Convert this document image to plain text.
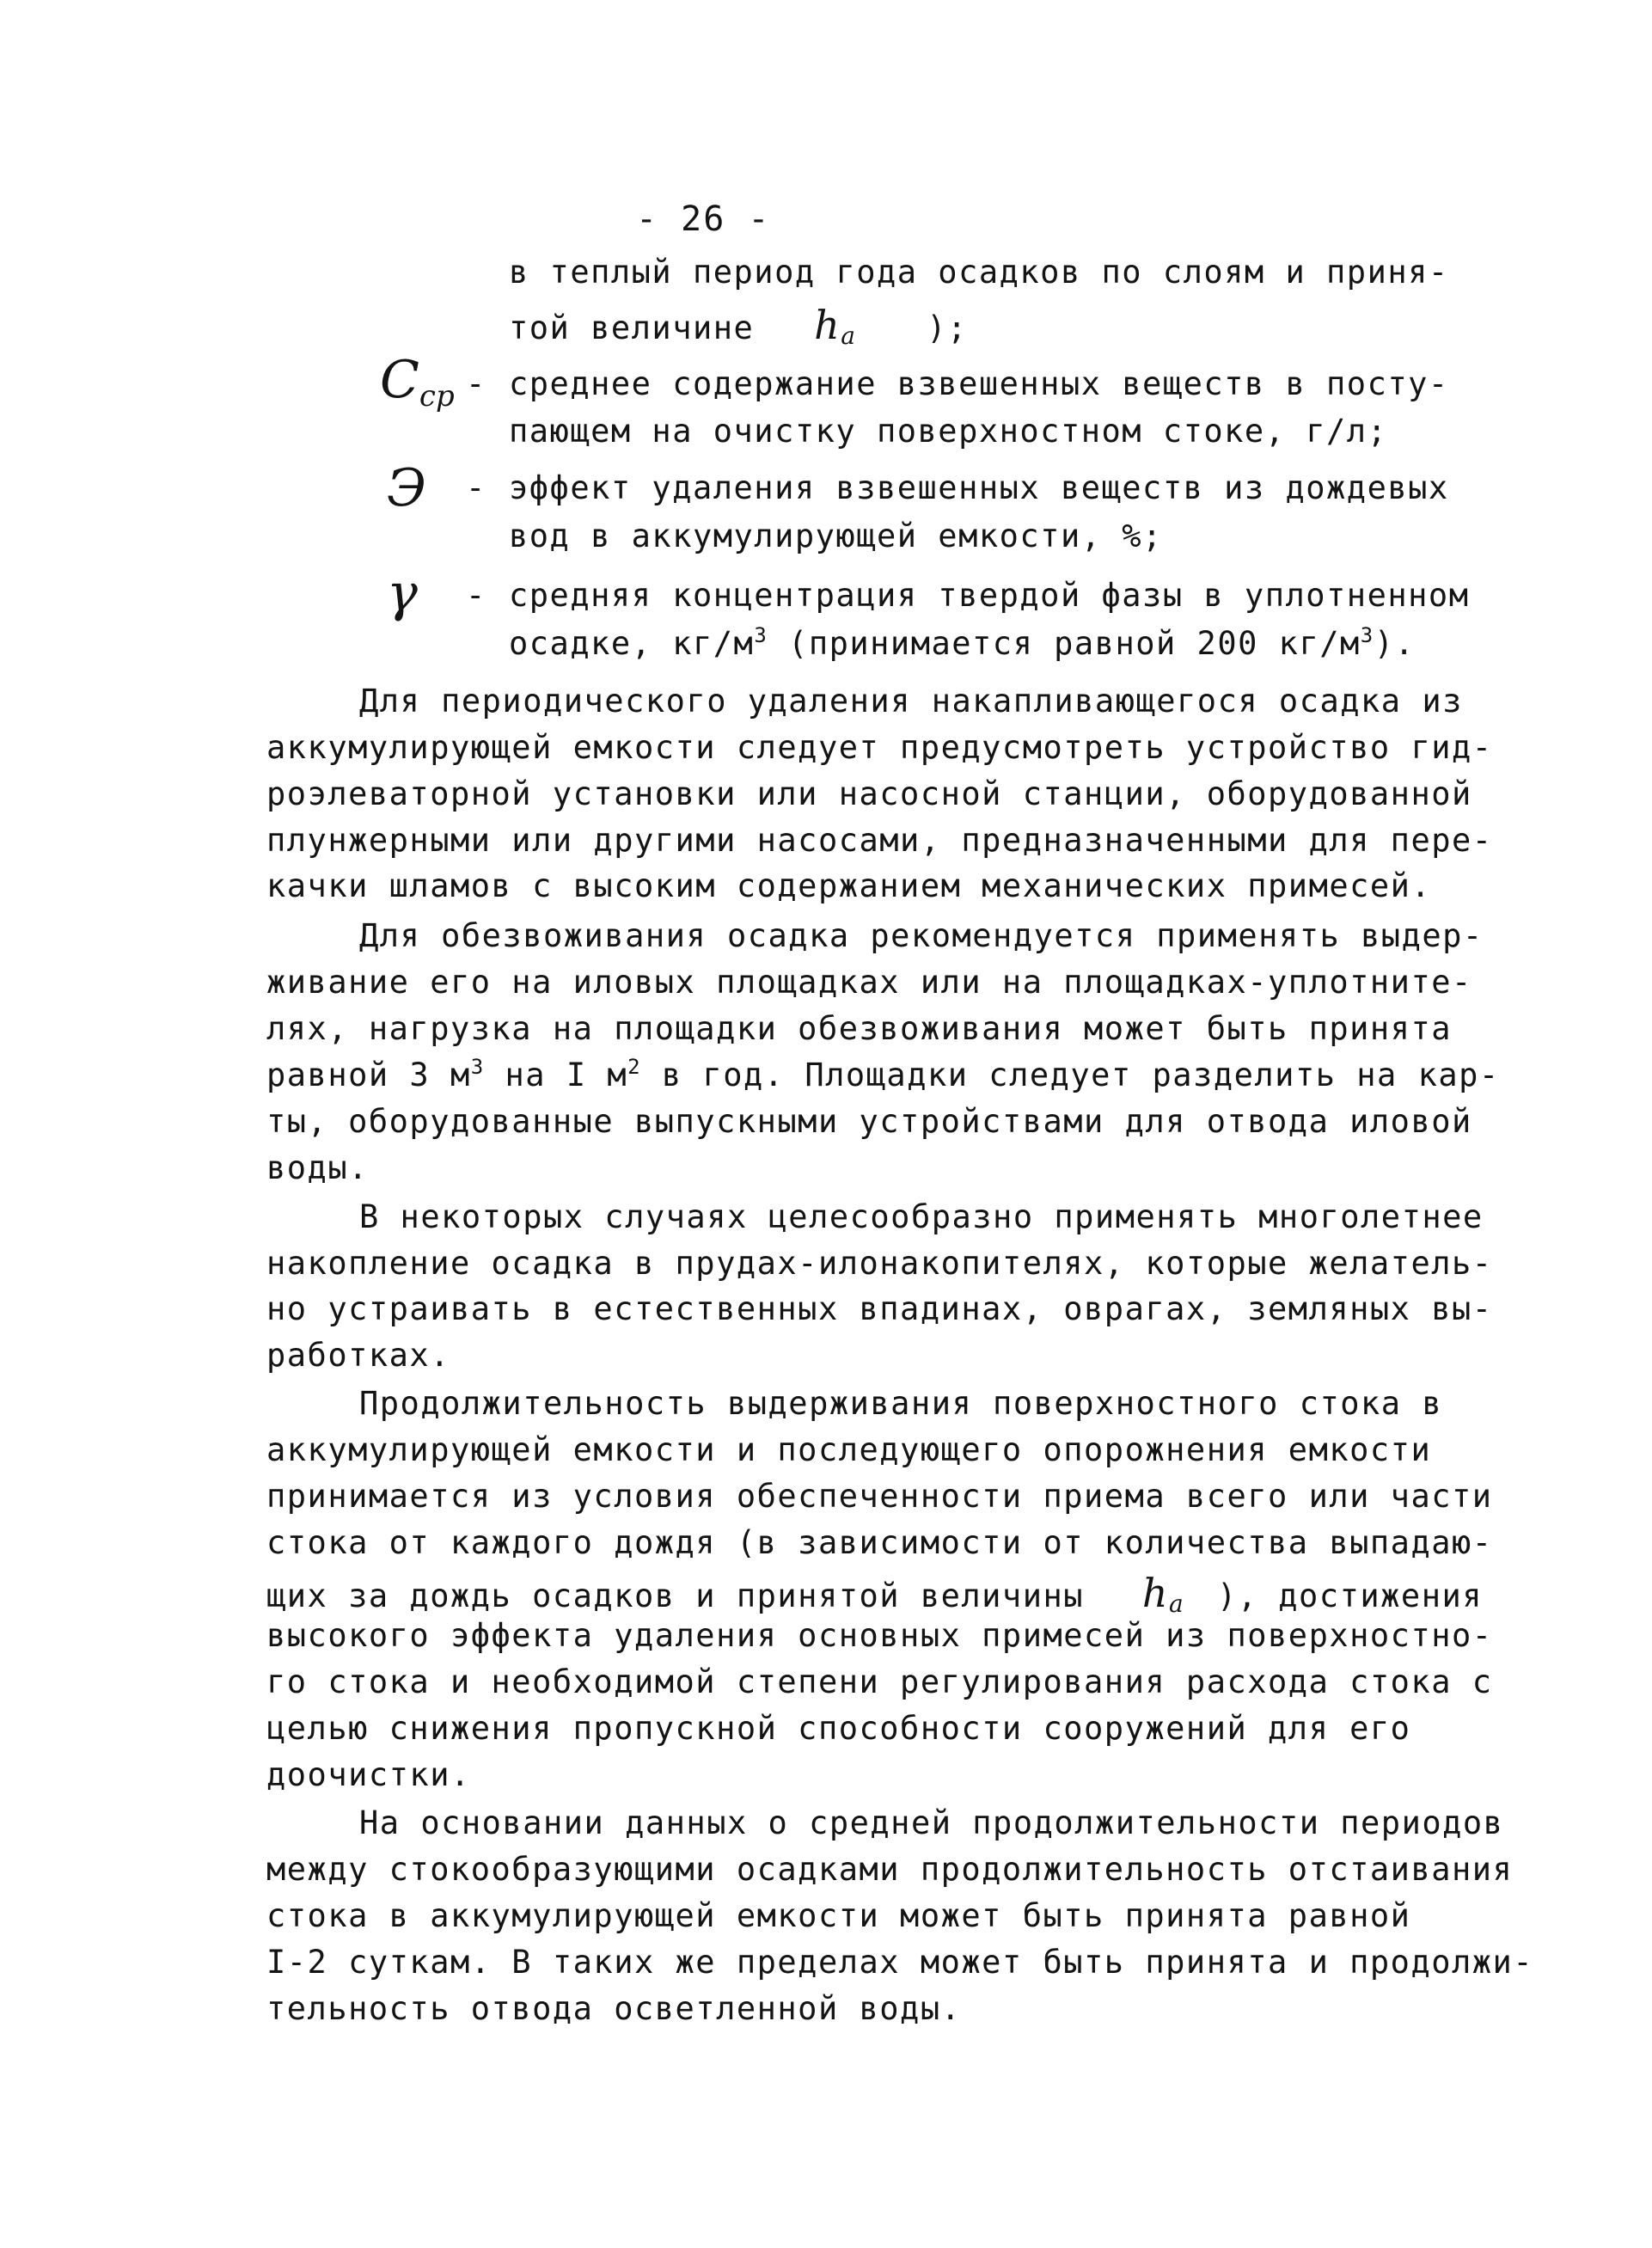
- 26 -
в теплый период года осадков по слоям и приня-
той величине $h_a$ );
$C_{ср}$ - среднее содержание взвешенных веществ в посту-
пающем на очистку поверхностном стоке, г/л;
Э - эффект удаления взвешенных веществ из дождевых
вод в аккумулирующей емкости, %;
γ - средняя концентрация твердой фазы в уплотненном
осадке, $кг/м^3$ (принимается равной 200 $кг/м^3$).
Для периодического удаления накапливающегося осадка из
аккумулирующей емкости следует предусмотреть устройство гид-
роэлеваторной установки или насосной станции, оборудованной
плунжерными или другими насосами, предназначенными для пере-
качки шламов с высоким содержанием механических примесей.
Для обезвоживания осадка рекомендуется применять выдер-
живание его на иловых площадках или на площадках-уплотните-
лях, нагрузка на площадки обезвоживания может быть принята
равной 3 $м^3$ на I $м^2$ в год. Площадки следует разделить на кар-
ты, оборудованные выпускными устройствами для отвода иловой
воды.
В некоторых случаях целесообразно применять многолетнее
накопление осадка в прудах-илонакопителях, которые желатель-
но устраивать в естественных впадинах, оврагах, земляных вы-
работках.
Продолжительность выдерживания поверхностного стока в
аккумулирующей емкости и последующего опорожнения емкости
принимается из условия обеспеченности приема всего или части
стока от каждого дождя (в зависимости от количества выпадаю-
щих за дождь осадков и принятой величины $h_a$ ), достижения
высокого эффекта удаления основных примесей из поверхностно-
го стока и необходимой степени регулирования расхода стока с
целью снижения пропускной способности сооружений для его
доочистки.
На основании данных о средней продолжительности периодов
между стокообразующими осадками продолжительность отстаивания
стока в аккумулирующей емкости может быть принята равной
I-2 суткам. В таких же пределах может быть принята и продолжи-
тельность отвода осветленной воды.
